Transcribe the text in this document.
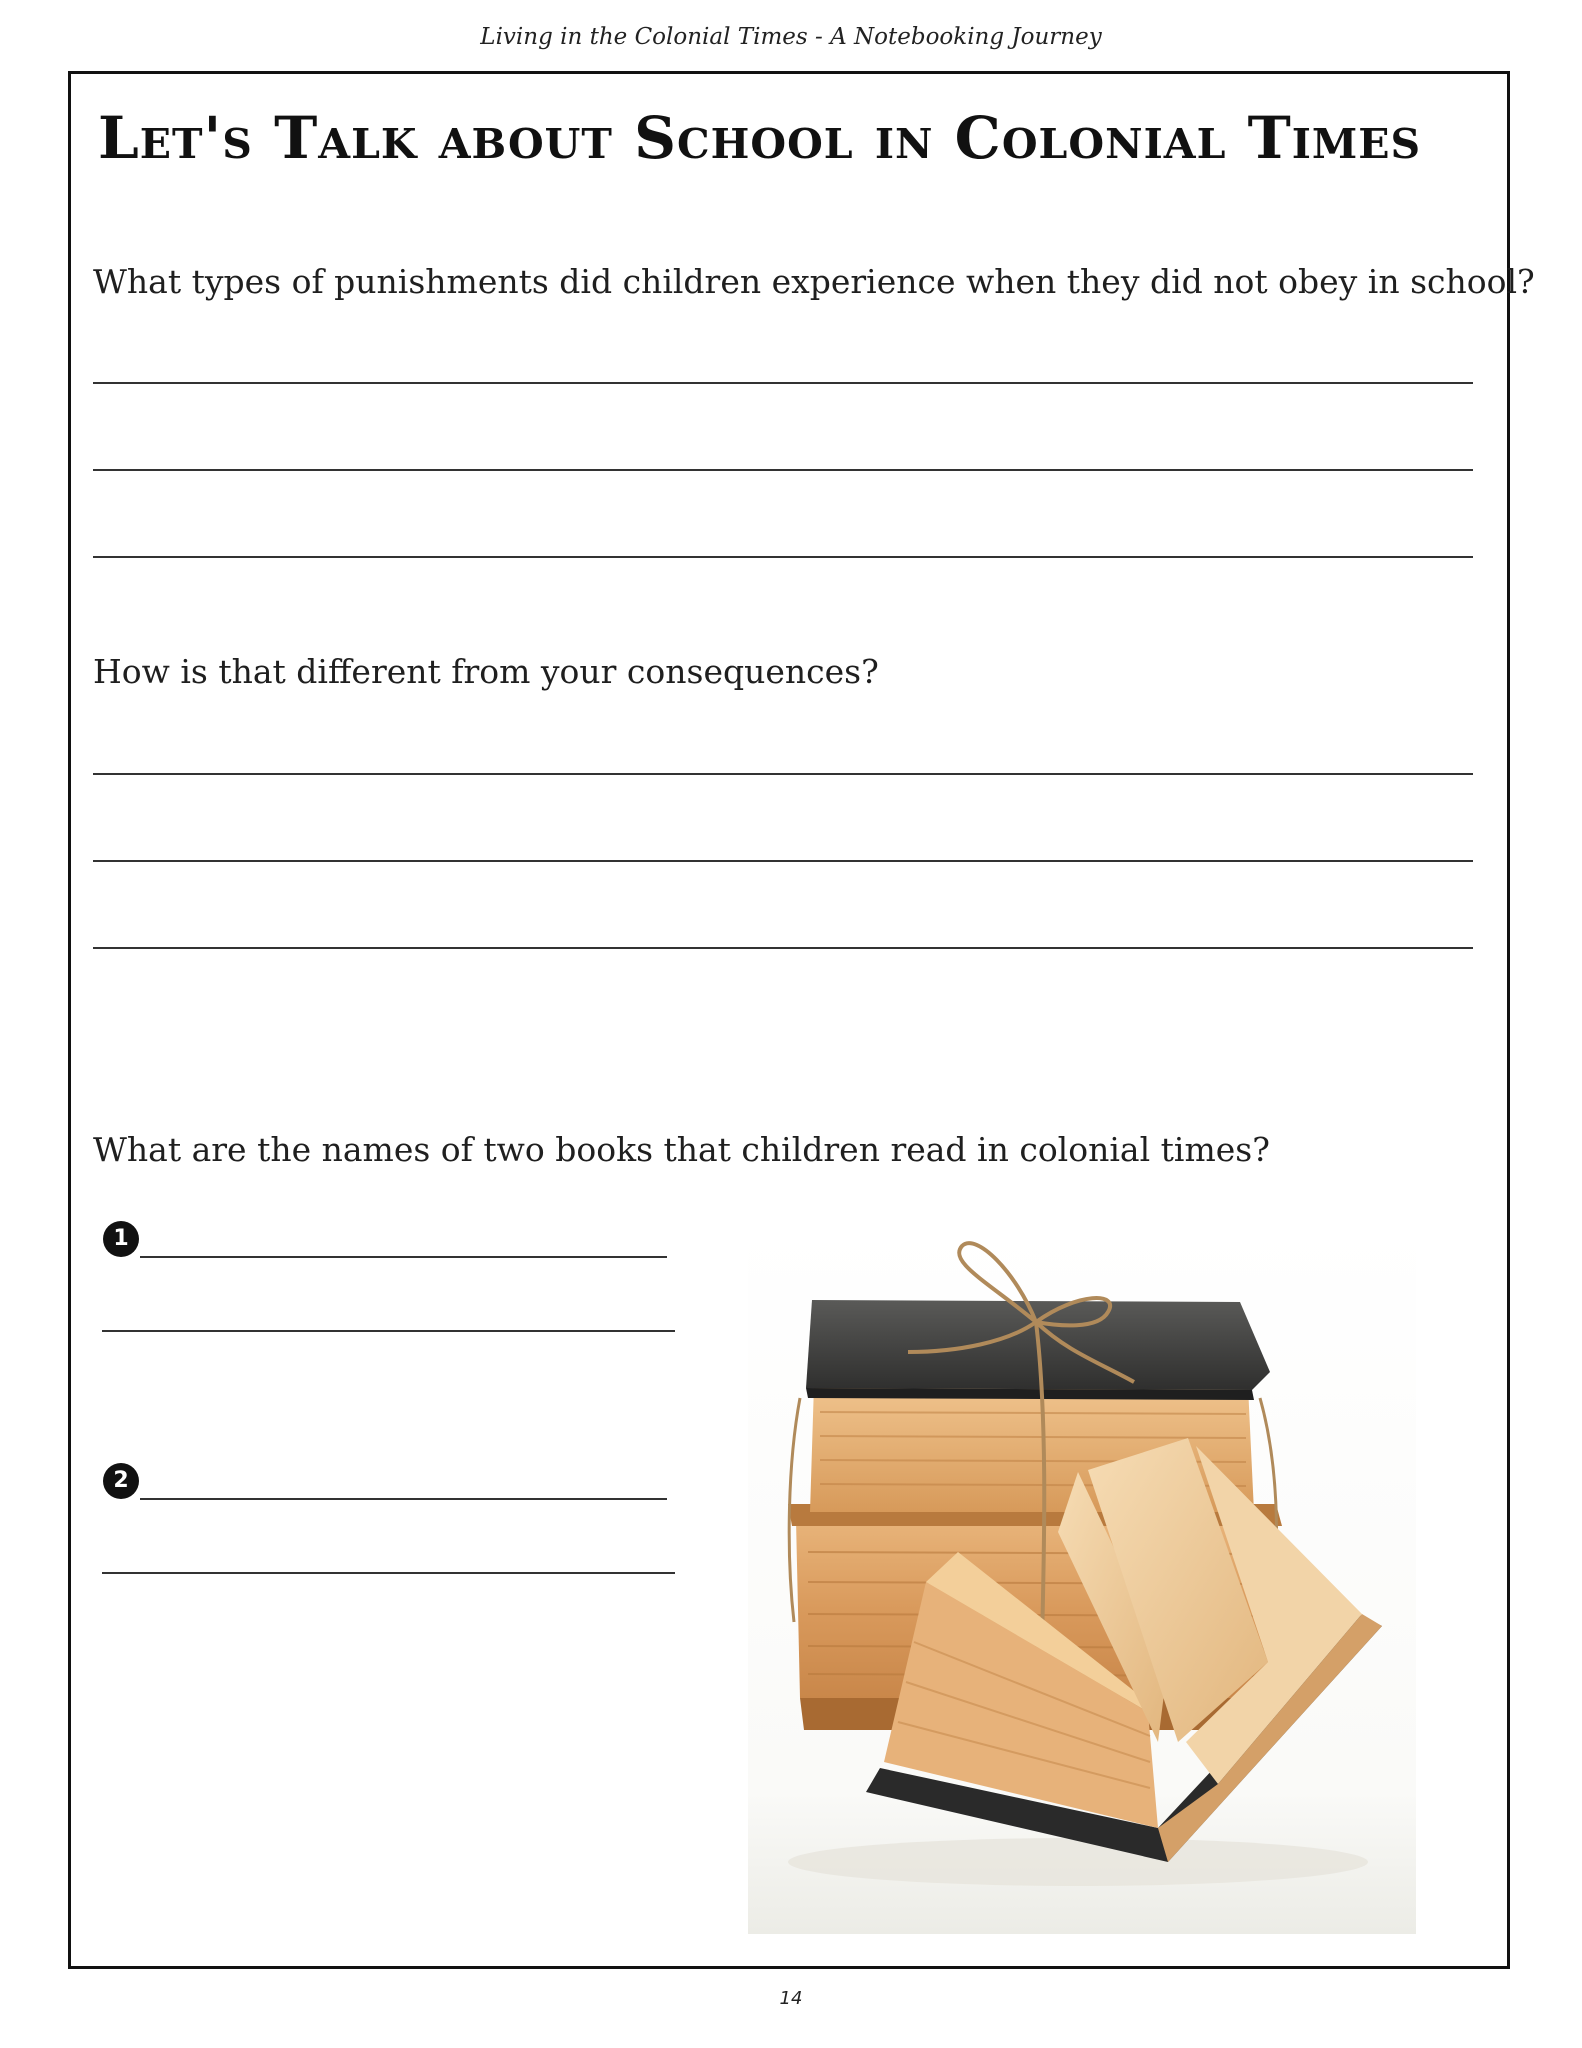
Living in the Colonial Times - A Notebooking Journey
Let's Talk about School in Colonial Times
What types of punishments did children experience when they did not obey in school?
How is that different from your consequences?
What are the names of two books that children read in colonial times?
1
2
14
